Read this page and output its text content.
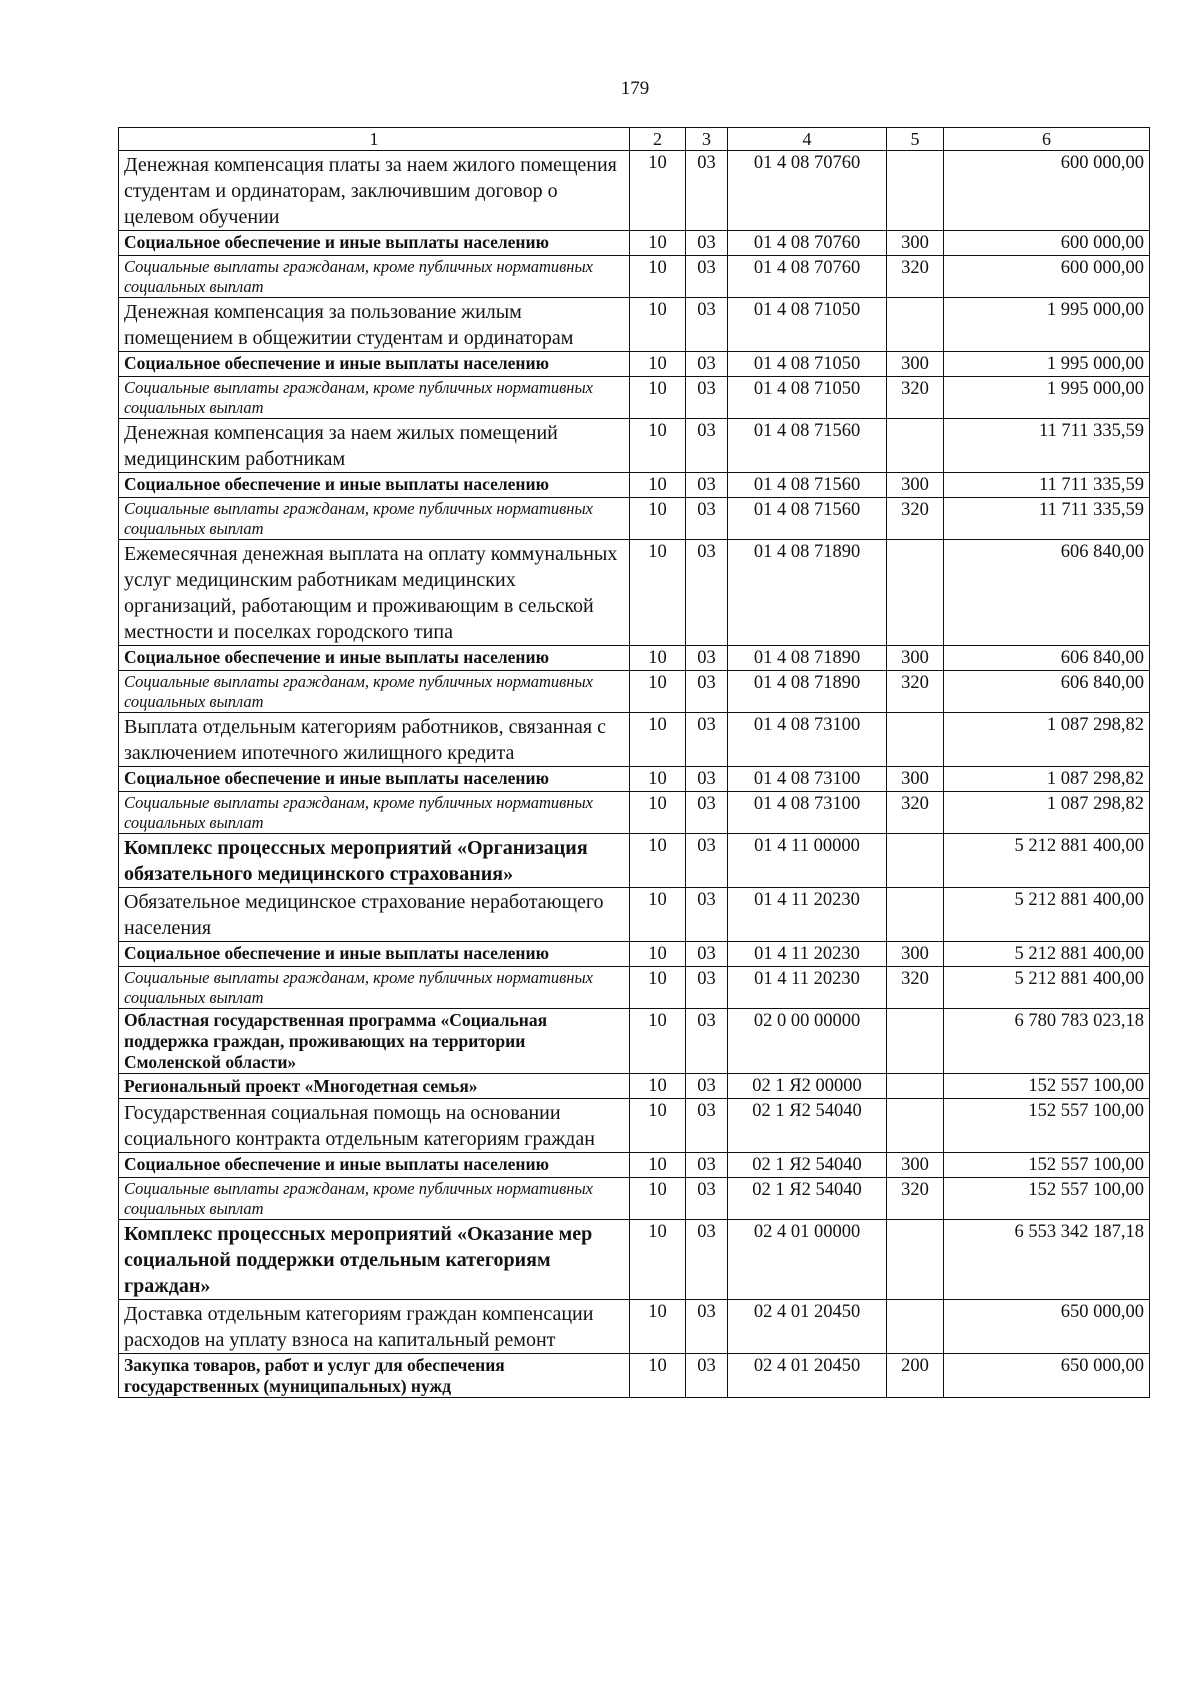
179
1	2	3	4	5	6
Денежная компенсация платы за наем жилого помещения студентам и ординаторам, заключившим договор о целевом обучении	10	03	01 4 08 70760		600 000,00
Социальное обеспечение и иные выплаты населению	10	03	01 4 08 70760	300	600 000,00
Социальные выплаты гражданам, кроме публичных нормативных социальных выплат	10	03	01 4 08 70760	320	600 000,00
Денежная компенсация за пользование жилым помещением в общежитии студентам и ординаторам	10	03	01 4 08 71050		1 995 000,00
Социальное обеспечение и иные выплаты населению	10	03	01 4 08 71050	300	1 995 000,00
Социальные выплаты гражданам, кроме публичных нормативных социальных выплат	10	03	01 4 08 71050	320	1 995 000,00
Денежная компенсация за наем жилых помещений медицинским работникам	10	03	01 4 08 71560		11 711 335,59
Социальное обеспечение и иные выплаты населению	10	03	01 4 08 71560	300	11 711 335,59
Социальные выплаты гражданам, кроме публичных нормативных социальных выплат	10	03	01 4 08 71560	320	11 711 335,59
Ежемесячная денежная выплата на оплату коммунальных услуг медицинским работникам медицинских организаций, работающим и проживающим в сельской местности и поселках городского типа	10	03	01 4 08 71890		606 840,00
Социальное обеспечение и иные выплаты населению	10	03	01 4 08 71890	300	606 840,00
Социальные выплаты гражданам, кроме публичных нормативных социальных выплат	10	03	01 4 08 71890	320	606 840,00
Выплата отдельным категориям работников, связанная с заключением ипотечного жилищного кредита	10	03	01 4 08 73100		1 087 298,82
Социальное обеспечение и иные выплаты населению	10	03	01 4 08 73100	300	1 087 298,82
Социальные выплаты гражданам, кроме публичных нормативных социальных выплат	10	03	01 4 08 73100	320	1 087 298,82
Комплекс процессных мероприятий «Организация обязательного медицинского страхования»	10	03	01 4 11 00000		5 212 881 400,00
Обязательное медицинское страхование неработающего населения	10	03	01 4 11 20230		5 212 881 400,00
Социальное обеспечение и иные выплаты населению	10	03	01 4 11 20230	300	5 212 881 400,00
Социальные выплаты гражданам, кроме публичных нормативных социальных выплат	10	03	01 4 11 20230	320	5 212 881 400,00
Областная государственная программа «Социальная поддержка граждан, проживающих на территории Смоленской области»	10	03	02 0 00 00000		6 780 783 023,18
Региональный проект «Многодетная семья»	10	03	02 1 Я2 00000		152 557 100,00
Государственная социальная помощь на основании социального контракта отдельным категориям граждан	10	03	02 1 Я2 54040		152 557 100,00
Социальное обеспечение и иные выплаты населению	10	03	02 1 Я2 54040	300	152 557 100,00
Социальные выплаты гражданам, кроме публичных нормативных социальных выплат	10	03	02 1 Я2 54040	320	152 557 100,00
Комплекс процессных мероприятий «Оказание мер социальной поддержки отдельным категориям граждан»	10	03	02 4 01 00000		6 553 342 187,18
Доставка отдельным категориям граждан компенсации расходов на уплату взноса на капитальный ремонт	10	03	02 4 01 20450		650 000,00
Закупка товаров, работ и услуг для обеспечения государственных (муниципальных) нужд	10	03	02 4 01 20450	200	650 000,00
